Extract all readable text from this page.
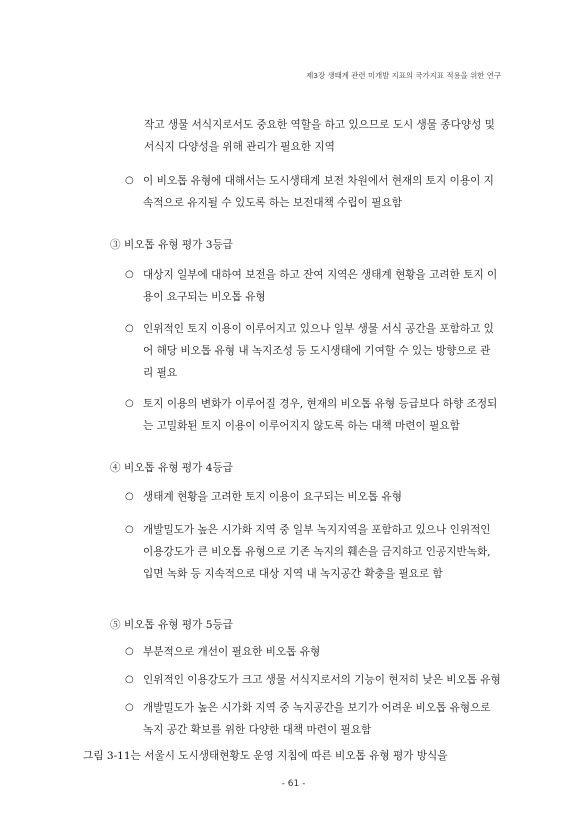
제3장 생태계 관련 미개발 지표의 국가지표 적용을 위한 연구
작고 생물 서식지로서도 중요한 역할을 하고 있으므로 도시 생물 종다양성 및
서식지 다양성을 위해 관리가 필요한 지역
○ 이 비오톱 유형에 대해서는 도시생태계 보전 차원에서 현재의 토지 이용이 지
속적으로 유지될 수 있도록 하는 보전대책 수립이 필요함
③ 비오톱 유형 평가 3등급
○ 대상지 일부에 대하여 보전을 하고 잔여 지역은 생태계 현황을 고려한 토지 이
용이 요구되는 비오톱 유형
○ 인위적인 토지 이용이 이루어지고 있으나 일부 생물 서식 공간을 포함하고 있
어 해당 비오톱 유형 내 녹지조성 등 도시생태에 기여할 수 있는 방향으로 관
리 필요
○ 토지 이용의 변화가 이루어질 경우, 현재의 비오톱 유형 등급보다 하향 조정되
는 고밀화된 토지 이용이 이루어지지 않도록 하는 대책 마련이 필요함
④ 비오톱 유형 평가 4등급
○ 생태계 현황을 고려한 토지 이용이 요구되는 비오톱 유형
○ 개발밀도가 높은 시가화 지역 중 일부 녹지지역을 포함하고 있으나 인위적인
이용강도가 큰 비오톱 유형으로 기존 녹지의 훼손을 금지하고 인공지반녹화,
입면 녹화 등 지속적으로 대상 지역 내 녹지공간 확충을 필요로 함
⑤ 비오톱 유형 평가 5등급
○ 부분적으로 개선이 필요한 비오톱 유형
○ 인위적인 이용강도가 크고 생물 서식지로서의 기능이 현저히 낮은 비오톱 유형
○ 개발밀도가 높은 시가화 지역 중 녹지공간을 보기가 어려운 비오톱 유형으로
녹지 공간 확보를 위한 다양한 대책 마련이 필요함
그림 3-11는 서울시 도시생태현황도 운영 지침에 따른 비오톱 유형 평가 방식을
- 61 -
